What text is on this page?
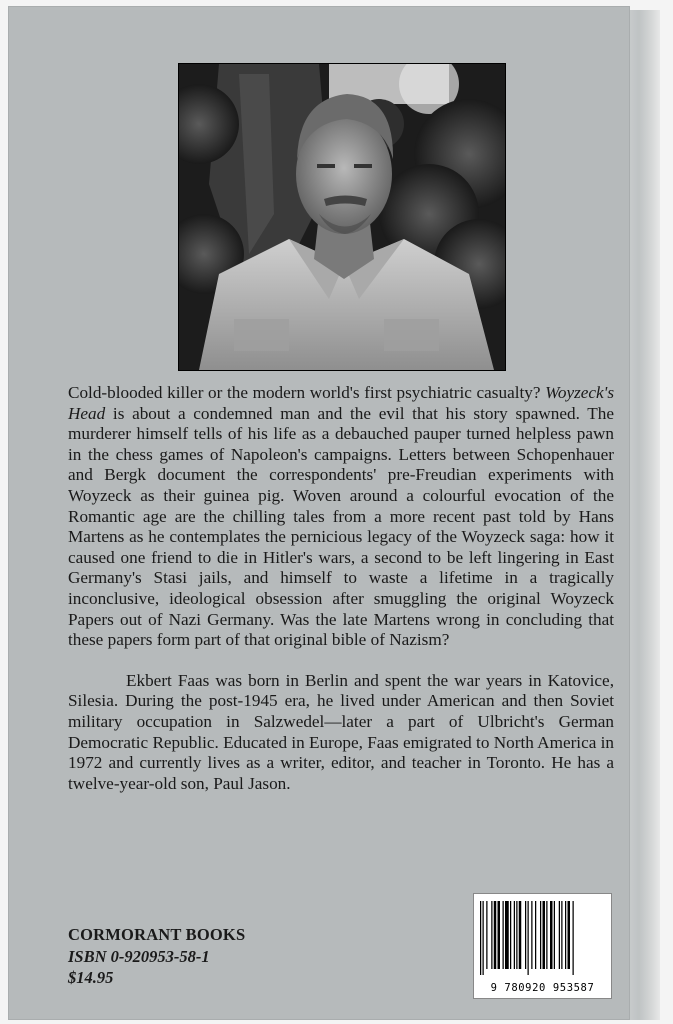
Cold-blooded killer or the modern world's first psychiatric casualty? Woyzeck's Head is about a condemned man and the evil that his story spawned. The murderer himself tells of his life as a debauched pauper turned helpless pawn in the chess games of Napoleon's campaigns. Letters between Schopenhauer and Bergk document the correspondents' pre-Freudian experiments with Woyzeck as their guinea pig. Woven around a colourful evocation of the Romantic age are the chilling tales from a more recent past told by Hans Martens as he contemplates the pernicious legacy of the Woyzeck saga: how it caused one friend to die in Hitler's wars, a second to be left lingering in East Germany's Stasi jails, and himself to waste a lifetime in a tragically inconclusive, ideological obsession after smuggling the original Woyzeck Papers out of Nazi Germany. Was the late Martens wrong in concluding that these papers form part of that original bible of Nazism?

Ekbert Faas was born in Berlin and spent the war years in Katovice, Silesia. During the post-1945 era, he lived under American and then Soviet military occupation in Salzwedel—later a part of Ulbricht's German Democratic Republic. Educated in Europe, Faas emigrated to North America in 1972 and currently lives as a writer, editor, and teacher in Toronto. He has a twelve-year-old son, Paul Jason.

CORMORANT BOOKS
ISBN 0-920953-58-1
$14.95
9 780920 953587
